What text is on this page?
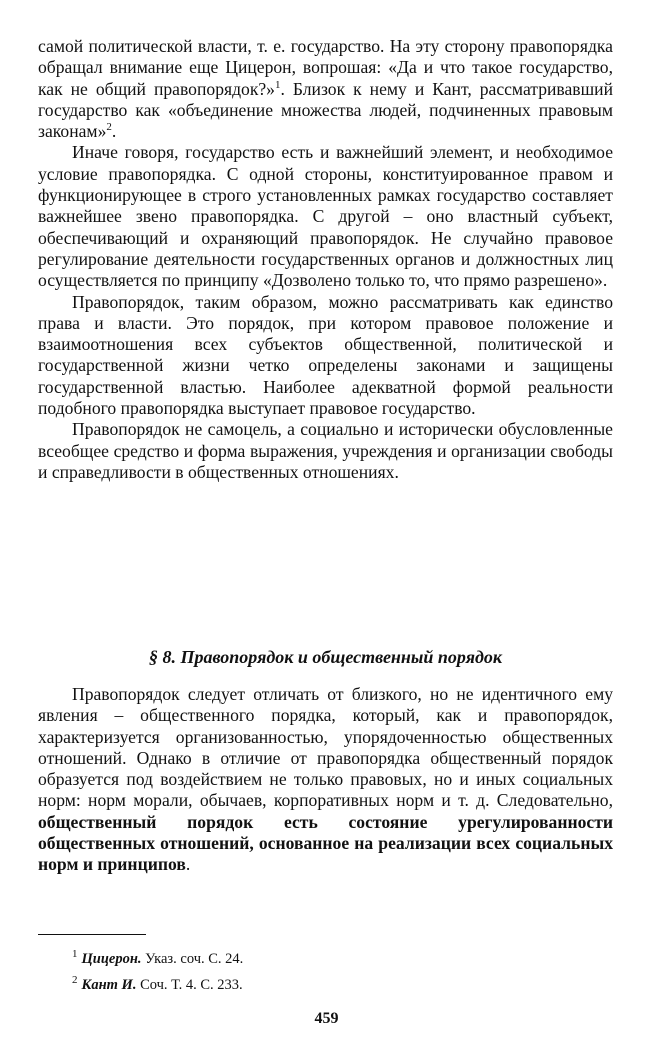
самой политической власти, т. е. государство. На эту сторону правопорядка обращал внимание еще Цицерон, вопрошая: «Да и что такое государство, как не общий правопорядок?»$^1$. Близок к нему и Кант, рассматривавший государство как «объединение множества людей, подчиненных правовым законам»$^2$.

Иначе говоря, государство есть и важнейший элемент, и необходимое условие правопорядка. С одной стороны, конституированное правом и функционирующее в строго установленных рамках государство составляет важнейшее звено правопорядка. С другой – оно властный субъект, обеспечивающий и охраняющий правопорядок. Не случайно правовое регулирование деятельности государственных органов и должностных лиц осуществляется по принципу «Дозволено только то, что прямо разрешено».

Правопорядок, таким образом, можно рассматривать как единство права и власти. Это порядок, при котором правовое положение и взаимоотношения всех субъектов общественной, политической и государственной жизни четко определены законами и защищены государственной властью. Наиболее адекватной формой реальности подобного правопорядка выступает правовое государство.

Правопорядок не самоцель, а социально и исторически обусловленные всеобщее средство и форма выражения, учреждения и организации свободы и справедливости в общественных отношениях.

§ 8. Правопорядок и общественный порядок

Правопорядок следует отличать от близкого, но не идентичного ему явления – общественного порядка, который, как и правопорядок, характеризуется организованностью, упорядоченностью общественных отношений. Однако в отличие от правопорядка общественный порядок образуется под воздействием не только правовых, но и иных социальных норм: норм морали, обычаев, корпоративных норм и т. д. Следовательно, общественный порядок есть состояние урегулированности общественных отношений, основанное на реализации всех социальных норм и принципов.

$^1$ Цицерон. Указ. соч. С. 24.
$^2$ Кант И. Соч. Т. 4. С. 233.
459
